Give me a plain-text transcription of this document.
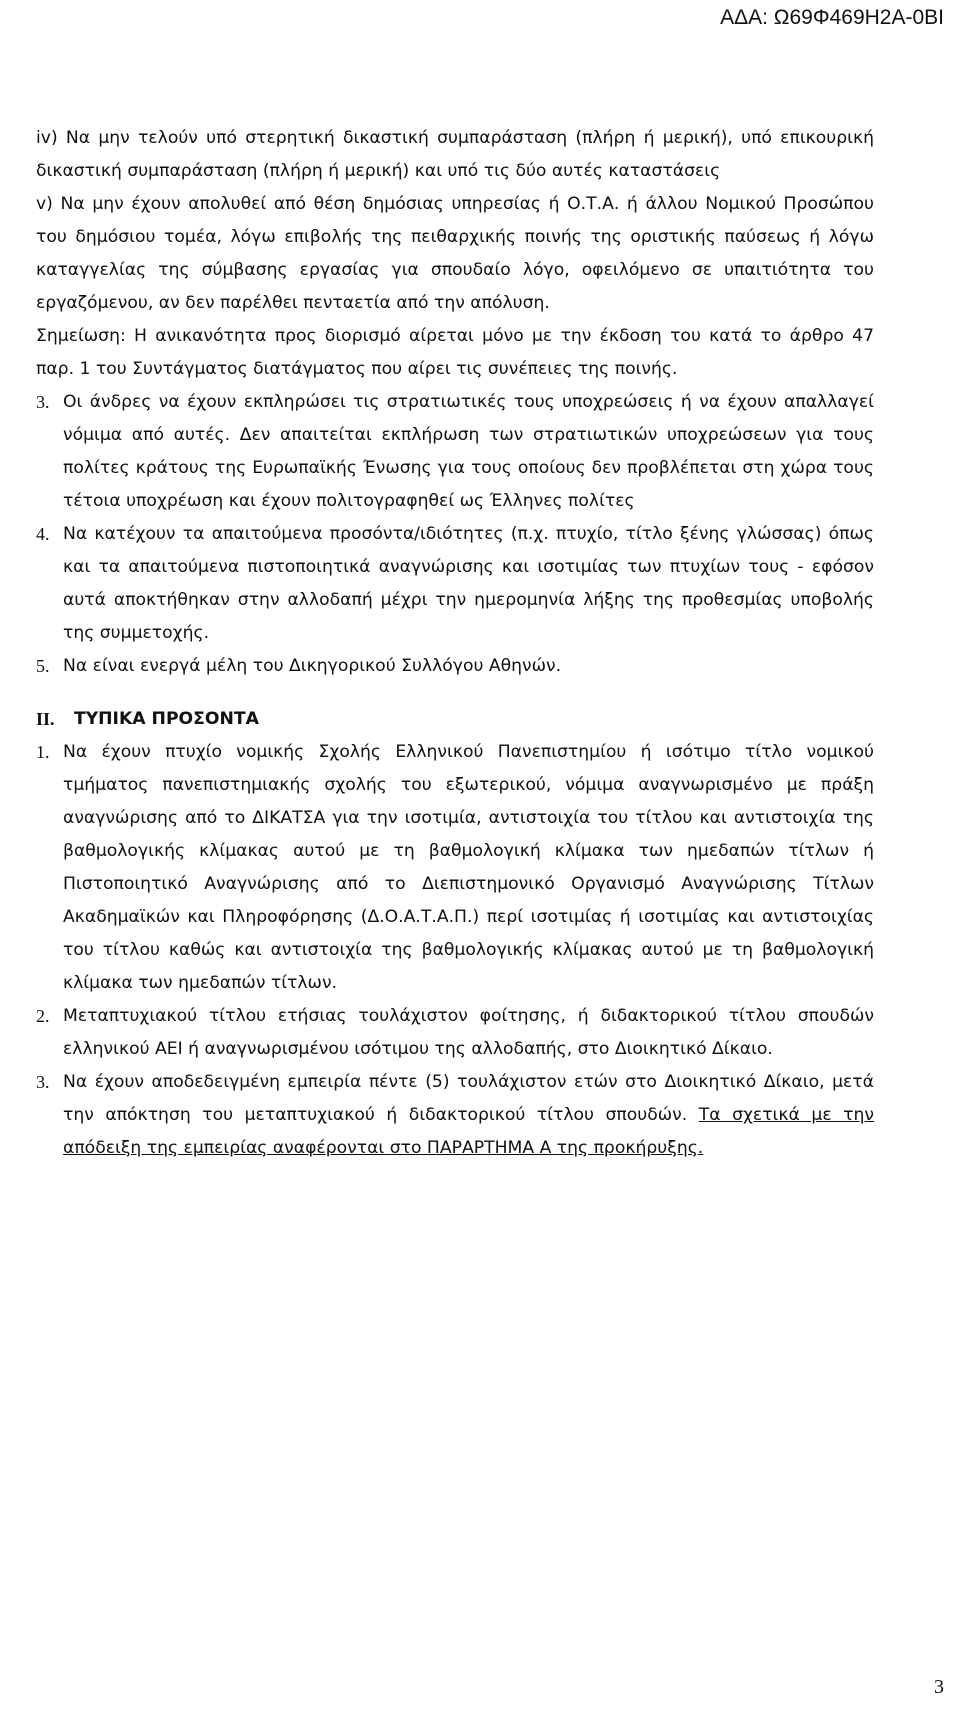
ΑΔΑ: Ω69Φ469Η2Α-0ΒΙ

iv) Να μην τελούν υπό στερητική δικαστική συμπαράσταση (πλήρη ή μερική), υπό επικουρική δικαστική συμπαράσταση (πλήρη ή μερική) και υπό τις δύο αυτές καταστάσεις

v) Να μην έχουν απολυθεί από θέση δημόσιας υπηρεσίας ή Ο.Τ.Α. ή άλλου Νομικού Προσώπου του δημόσιου τομέα, λόγω επιβολής της πειθαρχικής ποινής της οριστικής παύσεως ή λόγω καταγγελίας της σύμβασης εργασίας για σπουδαίο λόγο, οφειλόμενο σε υπαιτιότητα του εργαζόμενου, αν δεν παρέλθει πενταετία από την απόλυση.

Σημείωση: Η ανικανότητα προς διορισμό αίρεται μόνο με την έκδοση του κατά το άρθρο 47 παρ. 1 του Συντάγματος διατάγματος που αίρει τις συνέπειες της ποινής.

3. Οι άνδρες να έχουν εκπληρώσει τις στρατιωτικές τους υποχρεώσεις ή να έχουν απαλλαγεί νόμιμα από αυτές. Δεν απαιτείται εκπλήρωση των στρατιωτικών υποχρεώσεων για τους πολίτες κράτους της Ευρωπαϊκής Ένωσης για τους οποίους δεν προβλέπεται στη χώρα τους τέτοια υποχρέωση και έχουν πολιτογραφηθεί ως Έλληνες πολίτες
4. Να κατέχουν τα απαιτούμενα προσόντα/ιδιότητες (π.χ. πτυχίο, τίτλο ξένης γλώσσας) όπως και τα απαιτούμενα πιστοποιητικά αναγνώρισης και ισοτιμίας των πτυχίων τους - εφόσον αυτά αποκτήθηκαν στην αλλοδαπή μέχρι την ημερομηνία λήξης της προθεσμίας υποβολής της συμμετοχής.
5. Να είναι ενεργά μέλη του Δικηγορικού Συλλόγου Αθηνών.
II.	ΤΥΠΙΚΑ ΠΡΟΣΟΝΤΑ
1. Να έχουν πτυχίο νομικής Σχολής Ελληνικού Πανεπιστημίου ή ισότιμο τίτλο νομικού τμήματος πανεπιστημιακής σχολής του εξωτερικού, νόμιμα αναγνωρισμένο με πράξη αναγνώρισης από το ΔΙΚΑΤΣΑ για την ισοτιμία, αντιστοιχία του τίτλου και αντιστοιχία της βαθμολογικής κλίμακας αυτού με τη βαθμολογική κλίμακα των ημεδαπών τίτλων ή Πιστοποιητικό Αναγνώρισης από το Διεπιστημονικό Οργανισμό Αναγνώρισης Τίτλων Ακαδημαϊκών και Πληροφόρησης (Δ.Ο.Α.Τ.Α.Π.) περί ισοτιμίας ή ισοτιμίας και αντιστοιχίας του τίτλου καθώς και αντιστοιχία της βαθμολογικής κλίμακας αυτού με τη βαθμολογική κλίμακα των ημεδαπών τίτλων.
2. Μεταπτυχιακού τίτλου ετήσιας τουλάχιστον φοίτησης, ή διδακτορικού τίτλου σπουδών ελληνικού ΑΕΙ ή αναγνωρισμένου ισότιμου της αλλοδαπής, στο Διοικητικό Δίκαιο.
3. Να έχουν αποδεδειγμένη εμπειρία πέντε (5) τουλάχιστον ετών στο Διοικητικό Δίκαιο, μετά την απόκτηση του μεταπτυχιακού ή διδακτορικού τίτλου σπουδών. Τα σχετικά με την απόδειξη της εμπειρίας αναφέρονται στο ΠΑΡΑΡΤΗΜΑ Α της προκήρυξης.
3
